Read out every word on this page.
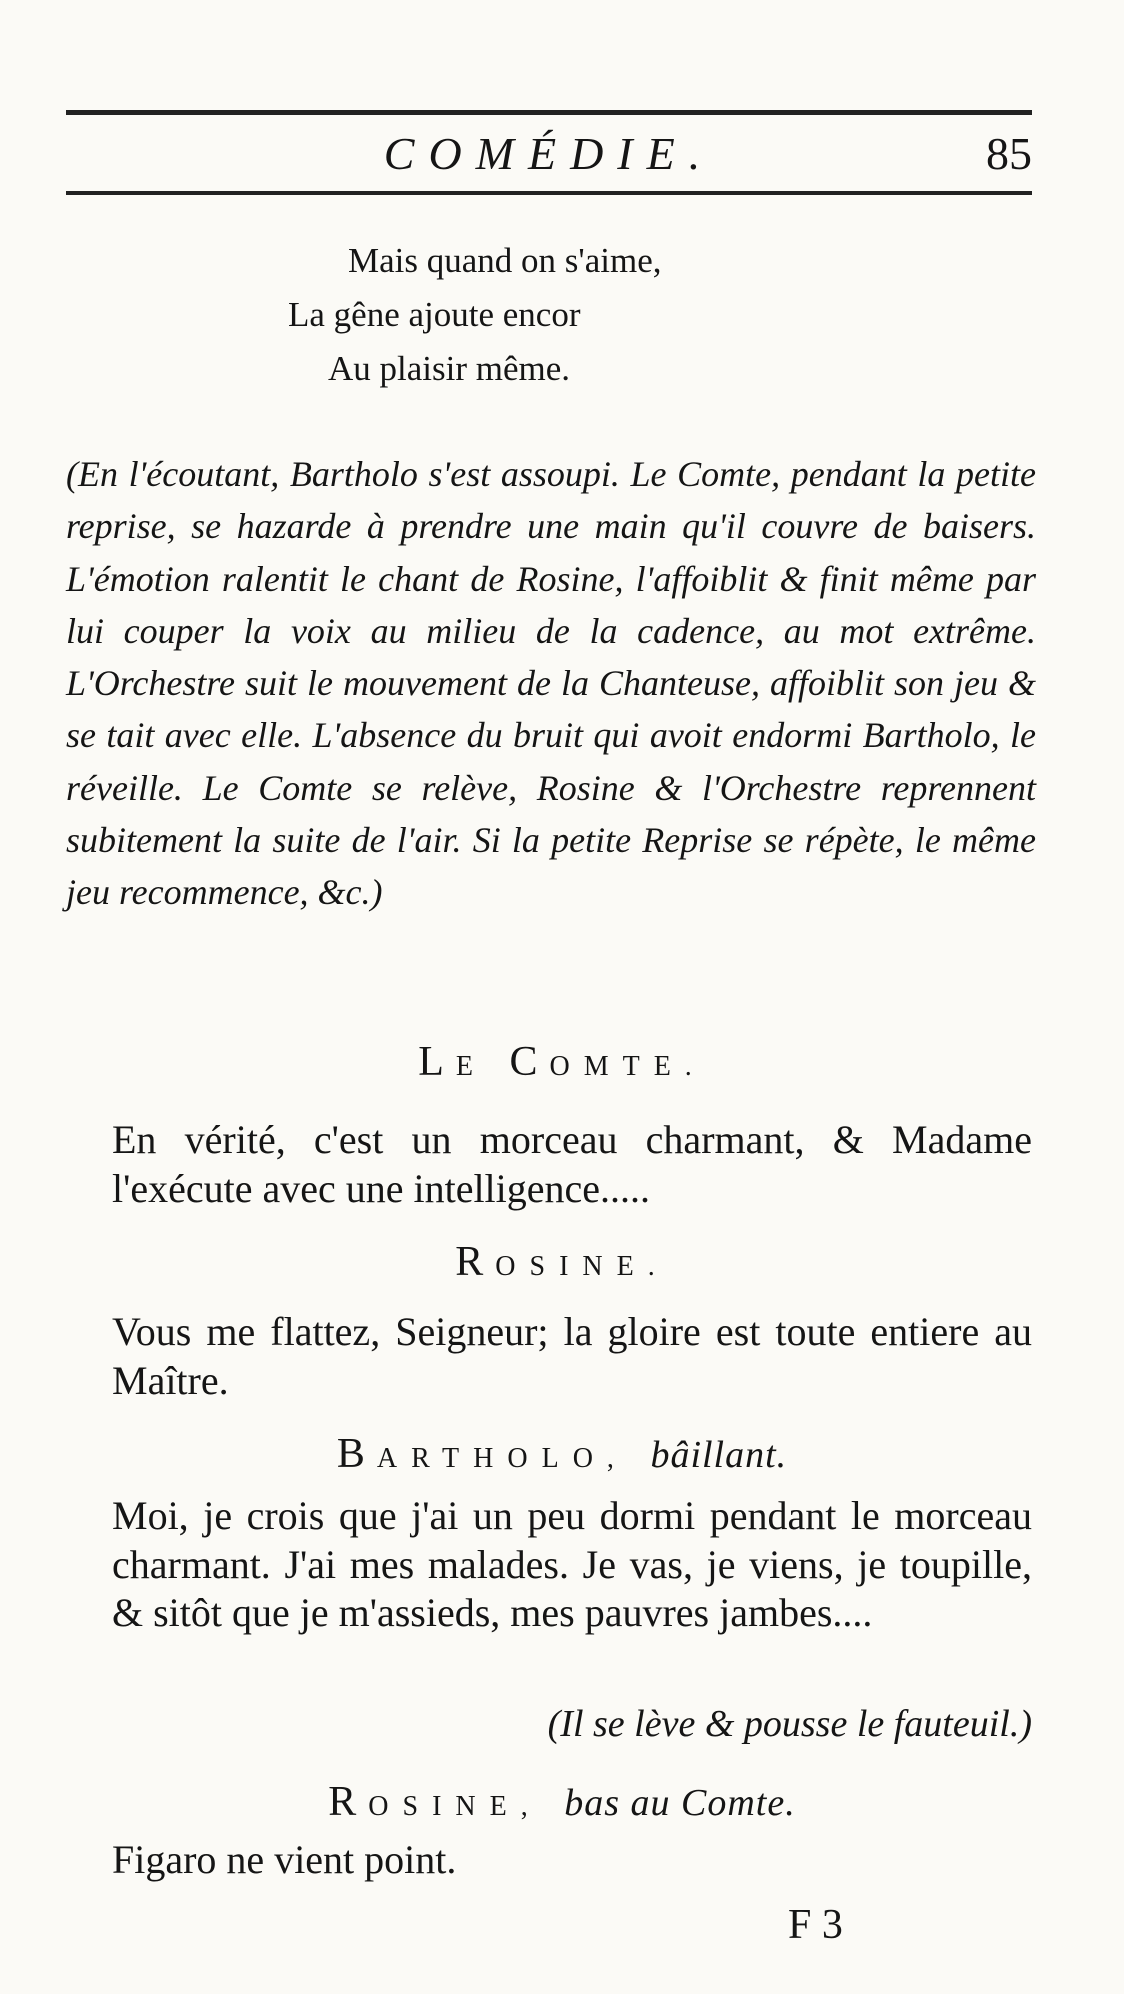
COMÉDIE.	85
Mais quand on s'aime,
La gêne ajoute encor
Au plaisir même.
(En l'écoutant, Bartholo s'est assoupi. Le Comte, pendant la petite reprise, se hazarde à prendre une main qu'il couvre de baisers. L'émotion ralentit le chant de Rosine, l'affoiblit & finit même par lui couper la voix au milieu de la cadence, au mot extrême. L'Orchestre suit le mouvement de la Chanteuse, affoiblit son jeu & se tait avec elle. L'absence du bruit qui avoit endormi Bartholo, le réveille. Le Comte se relève, Rosine & l'Orchestre reprennent subitement la suite de l'air. Si la petite Reprise se répète, le même jeu recommence, &c.)
LE COMTE.
En vérité, c'est un morceau charmant, & Madame l'exécute avec une intelligence.....
ROSINE.
Vous me flattez, Seigneur; la gloire est toute entiere au Maître.
BARTHOLO, bâillant.
Moi, je crois que j'ai un peu dormi pendant le morceau charmant. J'ai mes malades. Je vas, je viens, je toupille, & sitôt que je m'assieds, mes pauvres jambes....
(Il se lève & pousse le fauteuil.)
ROSINE, bas au Comte.
Figaro ne vient point.
F 3
